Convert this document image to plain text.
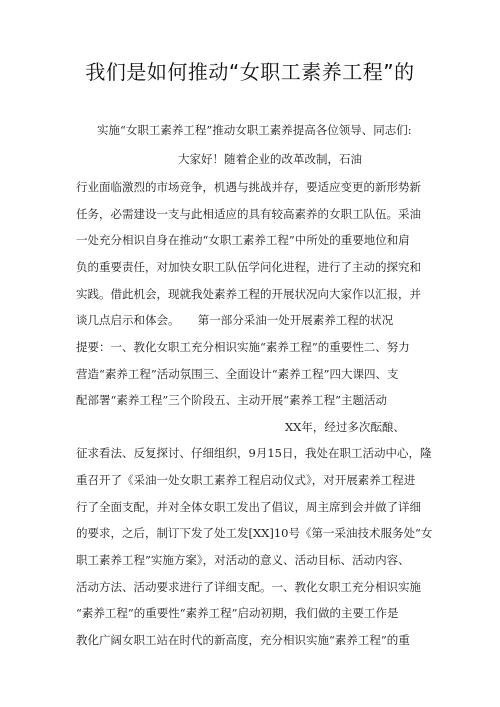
我们是如何推动“女职工素养工程”的
实施“女职工素养工程”推动女职工素养提高各位领导、同志们:
大家好！随着企业的改革改制，石油
行业面临激烈的市场竞争，机遇与挑战并存，要适应变更的新形势新
任务，必需建设一支与此相适应的具有较高素养的女职工队伍。采油
一处充分相识自身在推动“女职工素养工程”中所处的重要地位和肩
负的重要责任，对加快女职工队伍学问化进程，进行了主动的探究和
实践。借此机会，现就我处素养工程的开展状况向大家作以汇报，并
谈几点启示和体会。     第一部分采油一处开展素养工程的状况
提要：一、教化女职工充分相识实施“素养工程”的重要性二、努力
营造“素养工程”活动氛围三、全面设计“素养工程”四大课四、支
配部署“素养工程”三个阶段五、主动开展“素养工程”主题活动
XX年，经过多次酝酿、
征求看法、反复探讨、仔细组织，9月15日，我处在职工活动中心，隆
重召开了《采油一处女职工素养工程启动仪式》，对开展素养工程进
行了全面支配，并对全体女职工发出了倡议，周主席到会并做了详细
的要求，之后，制订下发了处工发[XX]10号《第一采油技术服务处“女
职工素养工程”实施方案》，对活动的意义、活动目标、活动内容、
活动方法、活动要求进行了详细支配。一、教化女职工充分相识实施
“素养工程”的重要性“素养工程”启动初期，我们做的主要工作是
教化广阔女职工站在时代的新高度，充分相识实施“素养工程”的重
